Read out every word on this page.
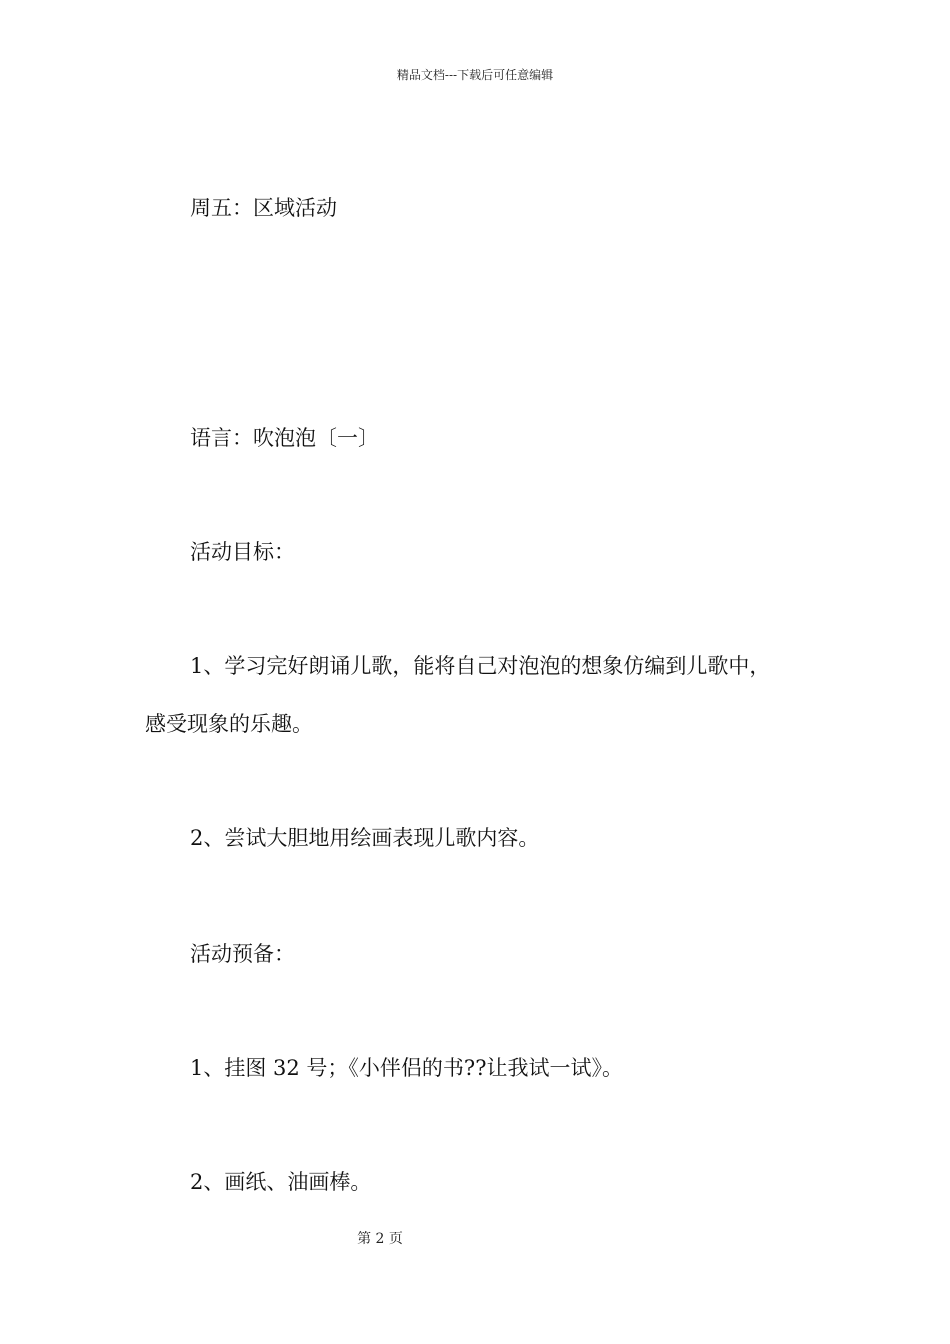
精品文档---下载后可任意编辑
周五：区域活动
语言：吹泡泡〔一〕
活动目标：
1、学习完好朗诵儿歌，能将自己对泡泡的想象仿编到儿歌中，
感受现象的乐趣。
2、尝试大胆地用绘画表现儿歌内容。
活动预备：
1、挂图 32 号；《小伴侣的书??让我试一试》。
2、画纸、油画棒。
第 2 页
